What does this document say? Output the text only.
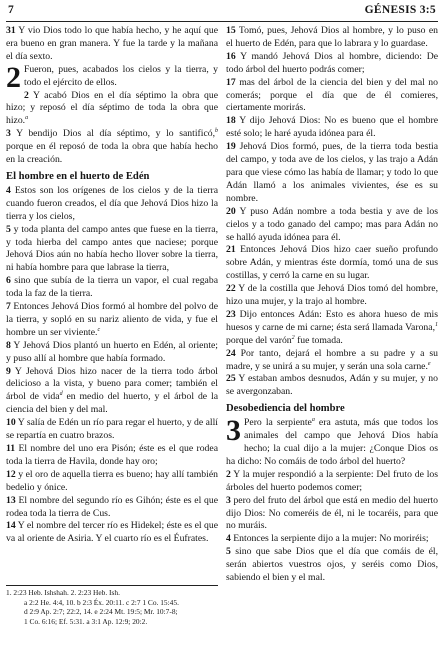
7	GÉNESIS 3:5

31 Y vio Dios todo lo que había hecho, y he aquí que era bueno en gran manera. Y fue la tarde y la mañana el día sexto.

2 Fueron, pues, acabados los cielos y la tierra, y todo el ejército de ellos.

2 Y acabó Dios en el día séptimo la obra que hizo; y reposó el día séptimo de toda la obra que hizo.$^a$

3 Y bendijo Dios al día séptimo, y lo santificó,$^b$ porque en él reposó de toda la obra que había hecho en la creación.

El hombre en el huerto de Edén

4 Estos son los orígenes de los cielos y de la tierra cuando fueron creados, el día que Jehová Dios hizo la tierra y los cielos,

5 y toda planta del campo antes que fuese en la tierra, y toda hierba del campo antes que naciese; porque Jehová Dios aún no había hecho llover sobre la tierra, ni había hombre para que labrase la tierra,

6 sino que subía de la tierra un vapor, el cual regaba toda la faz de la tierra.

7 Entonces Jehová Dios formó al hombre del polvo de la tierra, y sopló en su nariz aliento de vida, y fue el hombre un ser viviente.$^c$

8 Y Jehová Dios plantó un huerto en Edén, al oriente; y puso allí al hombre que había formado.

9 Y Jehová Dios hizo nacer de la tierra todo árbol delicioso a la vista, y bueno para comer; también el árbol de vida$^d$ en medio del huerto, y el árbol de la ciencia del bien y del mal.

10 Y salía de Edén un río para regar el huerto, y de allí se repartía en cuatro brazos.

11 El nombre del uno era Pisón; éste es el que rodea toda la tierra de Havila, donde hay oro;

12 y el oro de aquella tierra es bueno; hay allí también bedelio y ónice.

13 El nombre del segundo río es Gihón; éste es el que rodea toda la tierra de Cus.

14 Y el nombre del tercer río es Hidekel; éste es el que va al oriente de Asiria. Y el cuarto río es el Éufrates.

15 Tomó, pues, Jehová Dios al hombre, y lo puso en el huerto de Edén, para que lo labrara y lo guardase.

16 Y mandó Jehová Dios al hombre, diciendo: De todo árbol del huerto podrás comer;

17 mas del árbol de la ciencia del bien y del mal no comerás; porque el día que de él comieres, ciertamente morirás.

18 Y dijo Jehová Dios: No es bueno que el hombre esté solo; le haré ayuda idónea para él.

19 Jehová Dios formó, pues, de la tierra toda bestia del campo, y toda ave de los cielos, y las trajo a Adán para que viese cómo las había de llamar; y todo lo que Adán llamó a los animales vivientes, ése es su nombre.

20 Y puso Adán nombre a toda bestia y ave de los cielos y a todo ganado del campo; mas para Adán no se halló ayuda idónea para él.

21 Entonces Jehová Dios hizo caer sueño profundo sobre Adán, y mientras éste dormía, tomó una de sus costillas, y cerró la carne en su lugar.

22 Y de la costilla que Jehová Dios tomó del hombre, hizo una mujer, y la trajo al hombre.

23 Dijo entonces Adán: Esto es ahora hueso de mis huesos y carne de mi carne; ésta será llamada Varona,$^1$ porque del varón$^2$ fue tomada.

24 Por tanto, dejará el hombre a su padre y a su madre, y se unirá a su mujer, y serán una sola carne.$^e$

25 Y estaban ambos desnudos, Adán y su mujer, y no se avergonzaban.

Desobediencia del hombre

3 Pero la serpiente$^a$ era astuta, más que todos los animales del campo que Jehová Dios había hecho; la cual dijo a la mujer: ¿Conque Dios os ha dicho: No comáis de todo árbol del huerto?

2 Y la mujer respondió a la serpiente: Del fruto de los árboles del huerto podemos comer;

3 pero del fruto del árbol que está en medio del huerto dijo Dios: No comeréis de él, ni le tocaréis, para que no muráis.

4 Entonces la serpiente dijo a la mujer: No moriréis;

5 sino que sabe Dios que el día que comáis de él, serán abiertos vuestros ojos, y seréis como Dios, sabiendo el bien y el mal.

1. 2:23 Heb. Ishshah. 2. 2:23 Heb. Ish.
a 2:2 He. 4:4, 10. b 2:3 Éx. 20:11. c 2:7 1 Co. 15:45.
d 2:9 Ap. 2:7; 22:2, 14. e 2:24 Mt. 19:5; Mr. 10:7-8;
1 Co. 6:16; Ef. 5:31. a 3:1 Ap. 12:9; 20:2.
